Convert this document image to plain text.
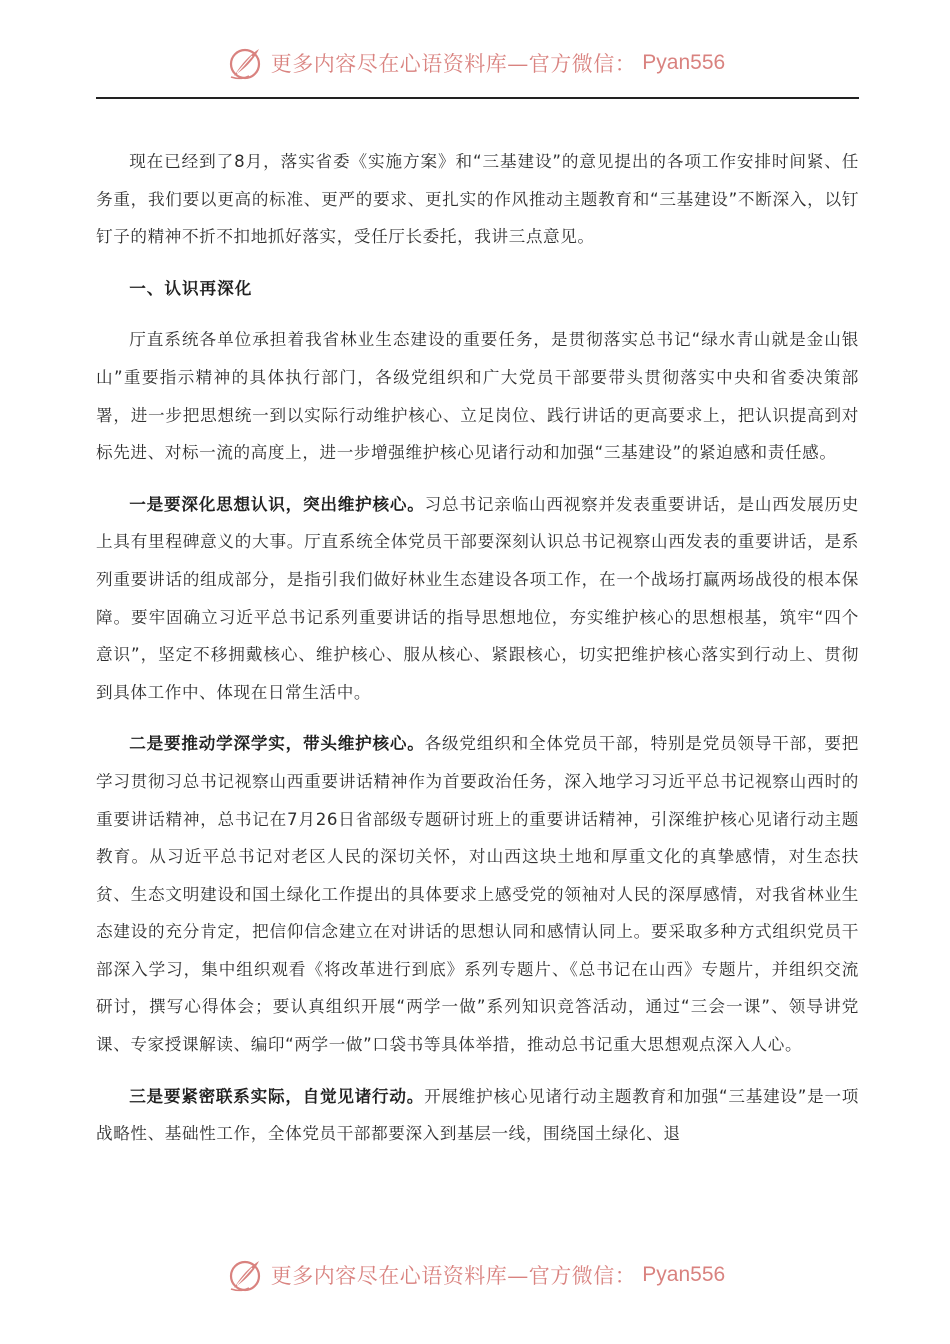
更多内容尽在心语资料库—官方微信： Pyan556

现在已经到了8月，落实省委《实施方案》和“三基建设”的意见提出的各项工作安排时间紧、任务重，我们要以更高的标准、更严的要求、更扎实的作风推动主题教育和“三基建设”不断深入，以钉钉子的精神不折不扣地抓好落实，受任厅长委托，我讲三点意见。

一、认识再深化

厅直系统各单位承担着我省林业生态建设的重要任务，是贯彻落实总书记“绿水青山就是金山银山”重要指示精神的具体执行部门，各级党组织和广大党员干部要带头贯彻落实中央和省委决策部署，进一步把思想统一到以实际行动维护核心、立足岗位、践行讲话的更高要求上，把认识提高到对标先进、对标一流的高度上，进一步增强维护核心见诸行动和加强“三基建设”的紧迫感和责任感。

一是要深化思想认识，突出维护核心。习总书记亲临山西视察并发表重要讲话，是山西发展历史上具有里程碑意义的大事。厅直系统全体党员干部要深刻认识总书记视察山西发表的重要讲话，是系列重要讲话的组成部分，是指引我们做好林业生态建设各项工作，在一个战场打赢两场战役的根本保障。要牢固确立习近平总书记系列重要讲话的指导思想地位，夯实维护核心的思想根基，筑牢“四个意识”，坚定不移拥戴核心、维护核心、服从核心、紧跟核心，切实把维护核心落实到行动上、贯彻到具体工作中、体现在日常生活中。

二是要推动学深学实，带头维护核心。各级党组织和全体党员干部，特别是党员领导干部，要把学习贯彻习总书记视察山西重要讲话精神作为首要政治任务，深入地学习习近平总书记视察山西时的重要讲话精神，总书记在7月26日省部级专题研讨班上的重要讲话精神，引深维护核心见诸行动主题教育。从习近平总书记对老区人民的深切关怀，对山西这块土地和厚重文化的真挚感情，对生态扶贫、生态文明建设和国土绿化工作提出的具体要求上感受党的领袖对人民的深厚感情，对我省林业生态建设的充分肯定，把信仰信念建立在对讲话的思想认同和感情认同上。要采取多种方式组织党员干部深入学习，集中组织观看《将改革进行到底》系列专题片、《总书记在山西》专题片，并组织交流研讨，撰写心得体会；要认真组织开展“两学一做”系列知识竞答活动，通过“三会一课”、领导讲党课、专家授课解读、编印“两学一做”口袋书等具体举措，推动总书记重大思想观点深入人心。

三是要紧密联系实际，自觉见诸行动。开展维护核心见诸行动主题教育和加强“三基建设”是一项战略性、基础性工作，全体党员干部都要深入到基层一线，围绕国土绿化、退

更多内容尽在心语资料库—官方微信： Pyan556
